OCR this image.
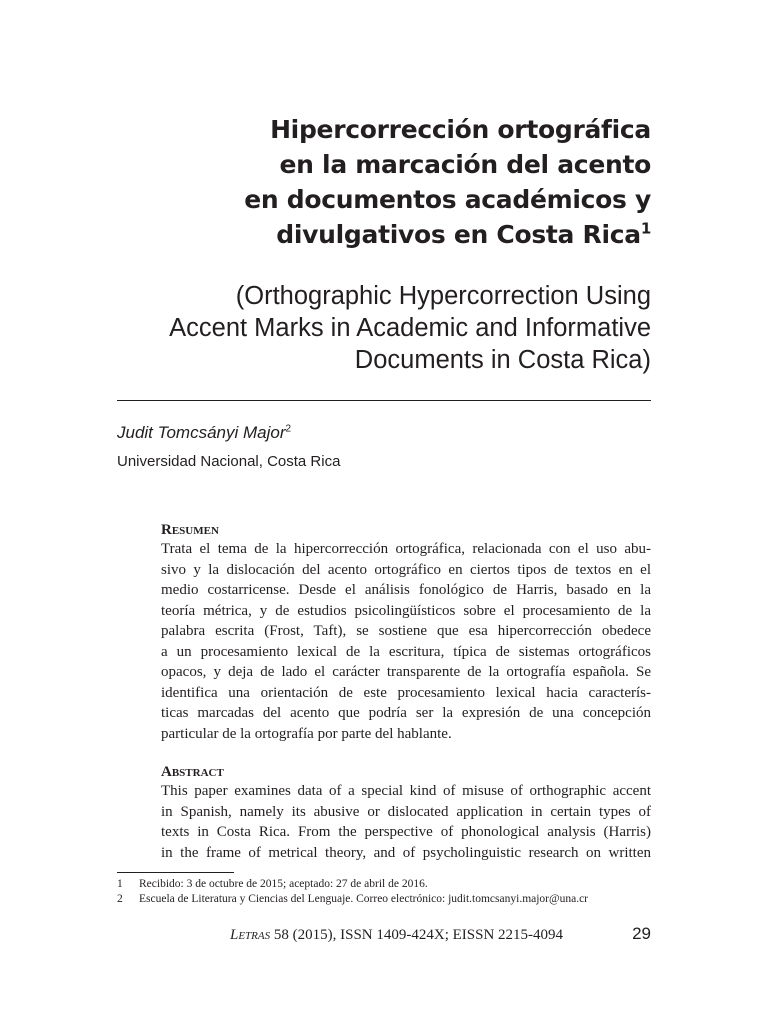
Hipercorrección ortográfica
en la marcación del acento
en documentos académicos y
divulgativos en Costa Rica$^1$
(Orthographic Hypercorrection Using
Accent Marks in Academic and Informative
Documents in Costa Rica)
Judit Tomcsányi Major$^2$
Universidad Nacional, Costa Rica
Resumen
Trata el tema de la hipercorrección ortográfica, relacionada con el uso abu-
sivo y la dislocación del acento ortográfico en ciertos tipos de textos en el
medio costarricense. Desde el análisis fonológico de Harris, basado en la
teoría métrica, y de estudios psicolingüísticos sobre el procesamiento de la
palabra escrita (Frost, Taft), se sostiene que esa hipercorrección obedece
a un procesamiento lexical de la escritura, típica de sistemas ortográficos
opacos, y deja de lado el carácter transparente de la ortografía española. Se
identifica una orientación de este procesamiento lexical hacia caracterís-
ticas marcadas del acento que podría ser la expresión de una concepción
particular de la ortografía por parte del hablante.
Abstract
This paper examines data of a special kind of misuse of orthographic accent
in Spanish, namely its abusive or dislocated application in certain types of
texts in Costa Rica. From the perspective of phonological analysis (Harris)
in the frame of metrical theory, and of psycholinguistic research on written
1	Recibido: 3 de octubre de 2015; aceptado: 27 de abril de 2016.
2	Escuela de Literatura y Ciencias del Lenguaje. Correo electrónico: judit.tomcsanyi.major@una.cr
Letras 58 (2015), ISSN 1409-424X; EISSN 2215-4094	29
